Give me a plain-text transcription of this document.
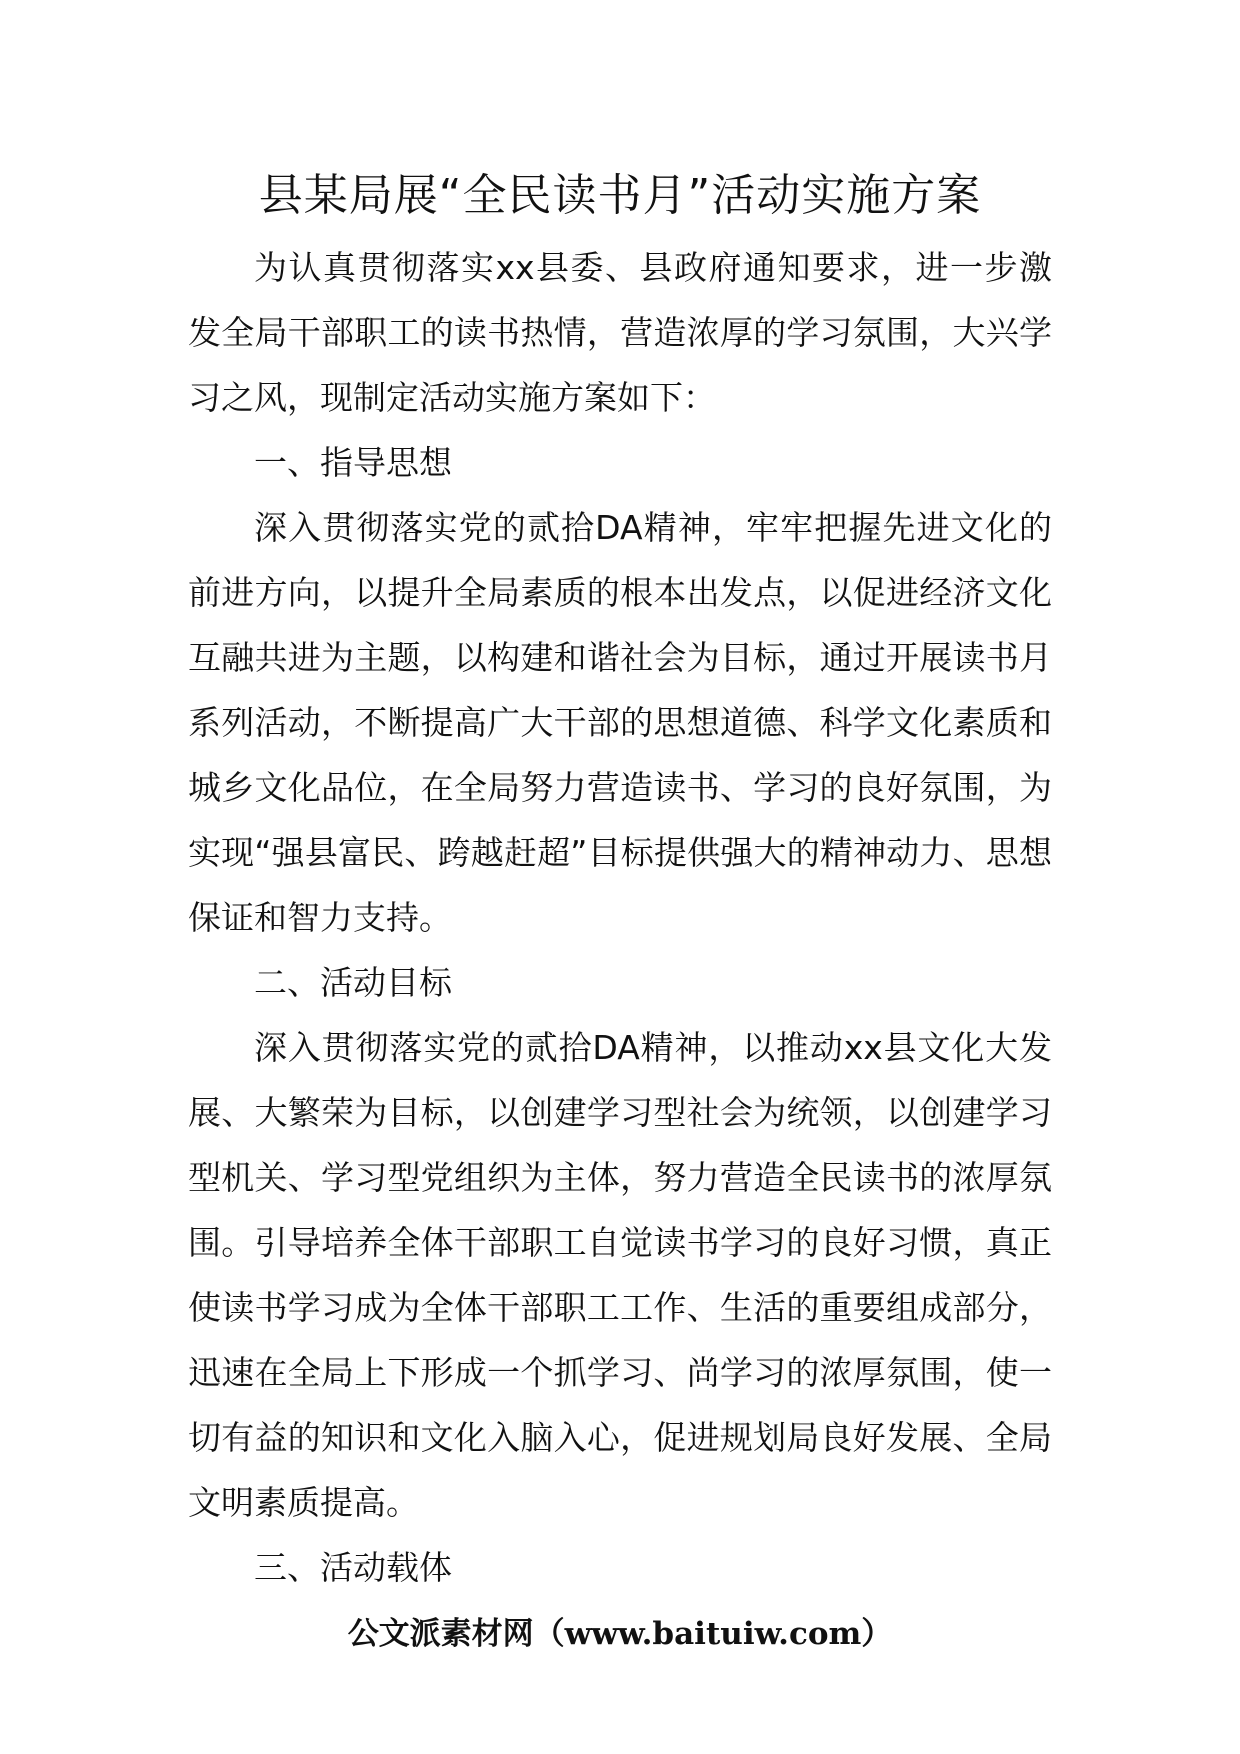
县某局展“全民读书月”活动实施方案

为认真贯彻落实xx县委、县政府通知要求，进一步激发全局干部职工的读书热情，营造浓厚的学习氛围，大兴学习之风，现制定活动实施方案如下：

一、指导思想

深入贯彻落实党的贰拾DA精神，牢牢把握先进文化的前进方向，以提升全局素质的根本出发点，以促进经济文化互融共进为主题，以构建和谐社会为目标，通过开展读书月系列活动，不断提高广大干部的思想道德、科学文化素质和城乡文化品位，在全局努力营造读书、学习的良好氛围，为实现“强县富民、跨越赶超”目标提供强大的精神动力、思想保证和智力支持。

二、活动目标

深入贯彻落实党的贰拾DA精神，以推动xx县文化大发展、大繁荣为目标，以创建学习型社会为统领，以创建学习型机关、学习型党组织为主体，努力营造全民读书的浓厚氛围。引导培养全体干部职工自觉读书学习的良好习惯，真正使读书学习成为全体干部职工工作、生活的重要组成部分，迅速在全局上下形成一个抓学习、尚学习的浓厚氛围，使一切有益的知识和文化入脑入心，促进规划局良好发展、全局文明素质提高。

三、活动载体

公文派素材网（www.baituiw.com）
